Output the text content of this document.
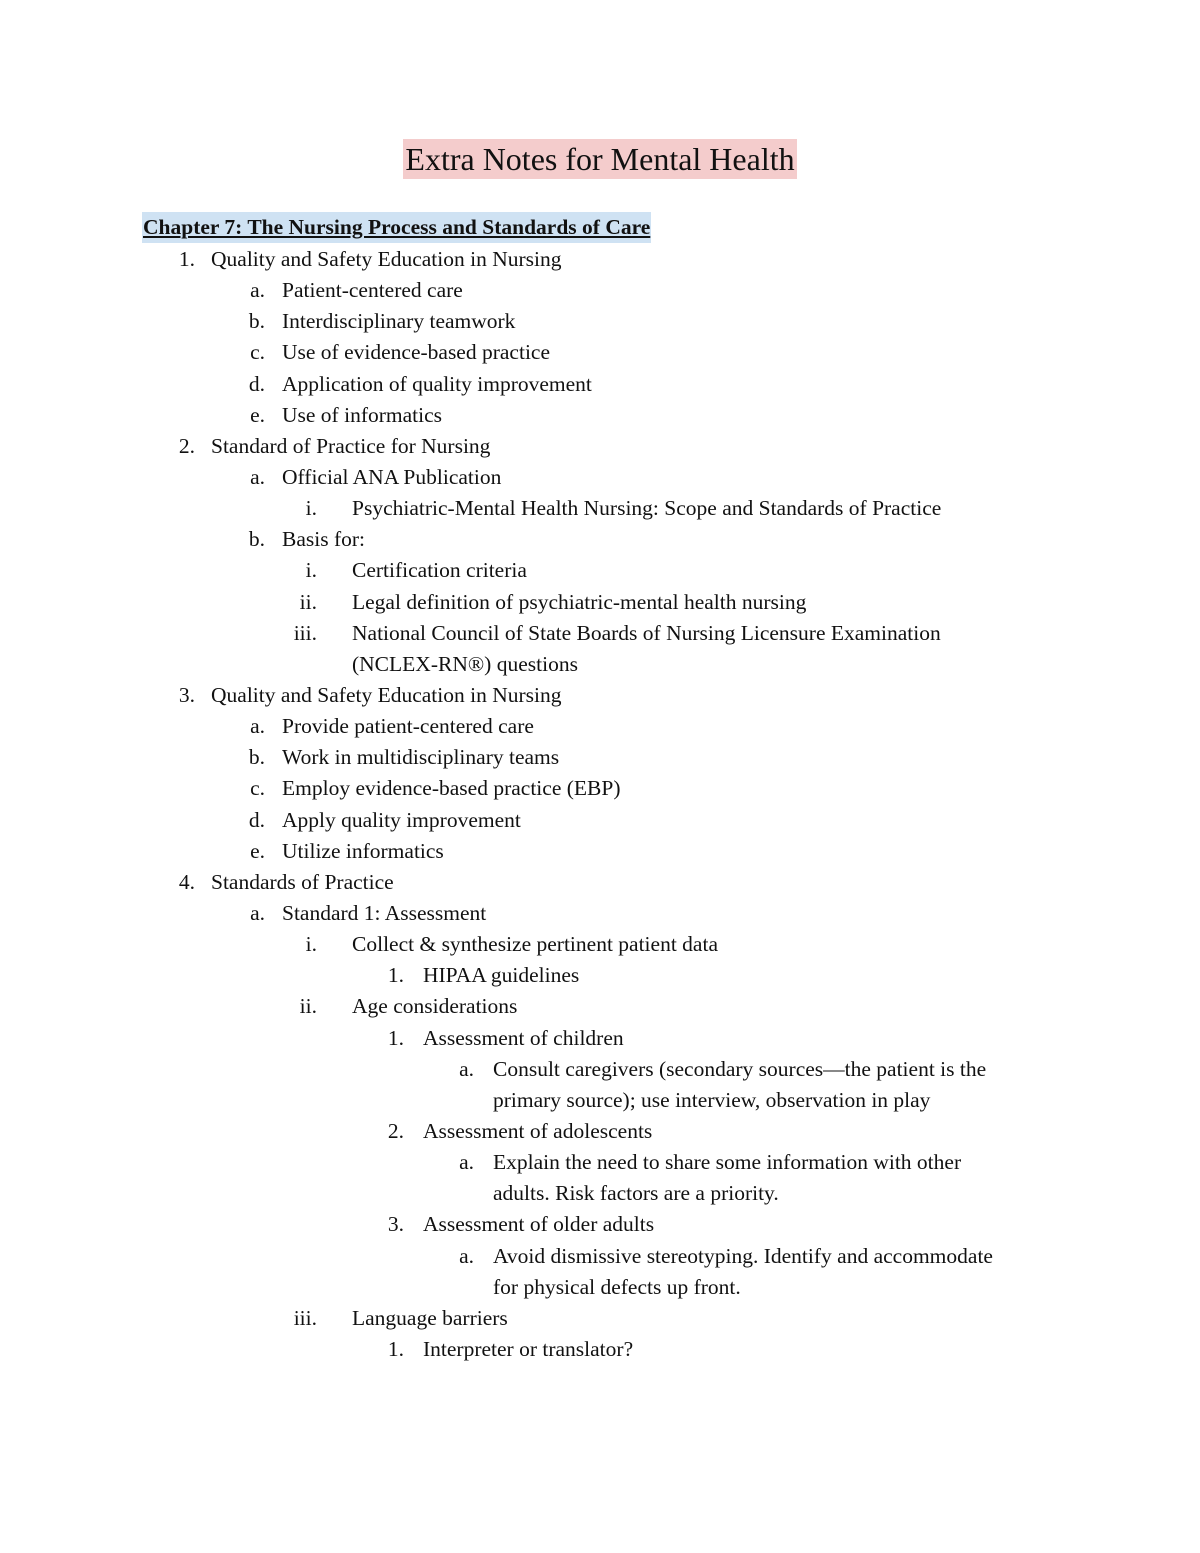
Extra Notes for Mental Health
Chapter 7: The Nursing Process and Standards of Care
1. Quality and Safety Education in Nursing
a. Patient-centered care
b. Interdisciplinary teamwork
c. Use of evidence-based practice
d. Application of quality improvement
e. Use of informatics
2. Standard of Practice for Nursing
a. Official ANA Publication
i. Psychiatric-Mental Health Nursing: Scope and Standards of Practice
b. Basis for:
i. Certification criteria
ii. Legal definition of psychiatric-mental health nursing
iii. National Council of State Boards of Nursing Licensure Examination
(NCLEX-RN®) questions
3. Quality and Safety Education in Nursing
a. Provide patient-centered care
b. Work in multidisciplinary teams
c. Employ evidence-based practice (EBP)
d. Apply quality improvement
e. Utilize informatics
4. Standards of Practice
a. Standard 1: Assessment
i. Collect & synthesize pertinent patient data
1. HIPAA guidelines
ii. Age considerations
1. Assessment of children
a. Consult caregivers (secondary sources—the patient is the
primary source); use interview, observation in play
2. Assessment of adolescents
a. Explain the need to share some information with other
adults. Risk factors are a priority.
3. Assessment of older adults
a. Avoid dismissive stereotyping. Identify and accommodate
for physical defects up front.
iii. Language barriers
1. Interpreter or translator?
